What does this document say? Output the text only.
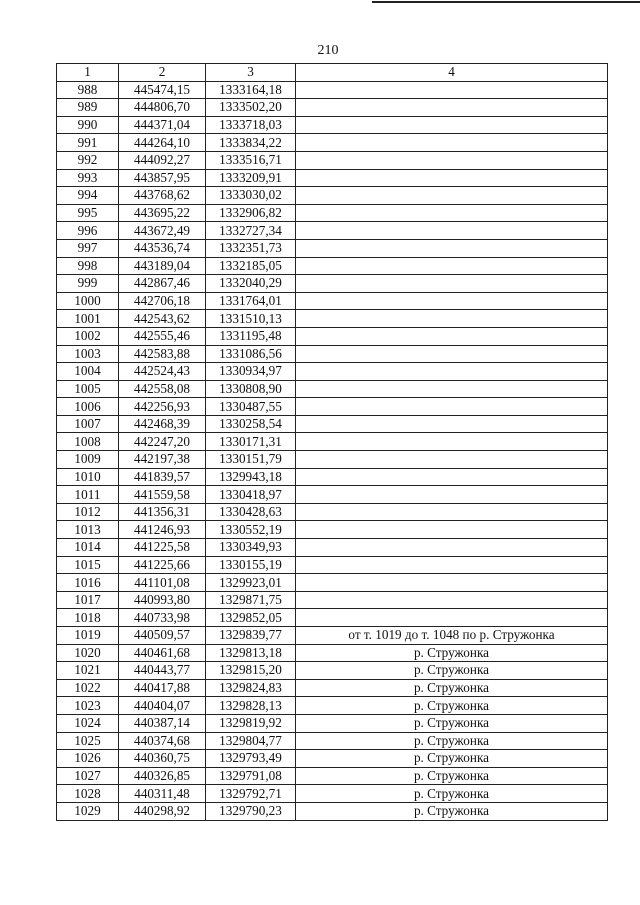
210
1	2	3	4
988	445474,15	1333164,18	
989	444806,70	1333502,20	
990	444371,04	1333718,03	
991	444264,10	1333834,22	
992	444092,27	1333516,71	
993	443857,95	1333209,91	
994	443768,62	1333030,02	
995	443695,22	1332906,82	
996	443672,49	1332727,34	
997	443536,74	1332351,73	
998	443189,04	1332185,05	
999	442867,46	1332040,29	
1000	442706,18	1331764,01	
1001	442543,62	1331510,13	
1002	442555,46	1331195,48	
1003	442583,88	1331086,56	
1004	442524,43	1330934,97	
1005	442558,08	1330808,90	
1006	442256,93	1330487,55	
1007	442468,39	1330258,54	
1008	442247,20	1330171,31	
1009	442197,38	1330151,79	
1010	441839,57	1329943,18	
1011	441559,58	1330418,97	
1012	441356,31	1330428,63	
1013	441246,93	1330552,19	
1014	441225,58	1330349,93	
1015	441225,66	1330155,19	
1016	441101,08	1329923,01	
1017	440993,80	1329871,75	
1018	440733,98	1329852,05	
1019	440509,57	1329839,77	от т. 1019 до т. 1048 по р. Стружонка
1020	440461,68	1329813,18	р. Стружонка
1021	440443,77	1329815,20	р. Стружонка
1022	440417,88	1329824,83	р. Стружонка
1023	440404,07	1329828,13	р. Стружонка
1024	440387,14	1329819,92	р. Стружонка
1025	440374,68	1329804,77	р. Стружонка
1026	440360,75	1329793,49	р. Стружонка
1027	440326,85	1329791,08	р. Стружонка
1028	440311,48	1329792,71	р. Стружонка
1029	440298,92	1329790,23	р. Стружонка
